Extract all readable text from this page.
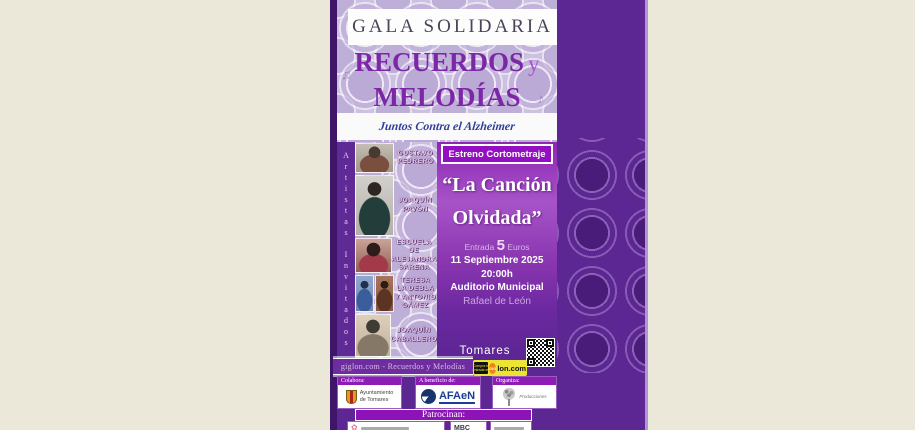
♫
♪
GALA SOLIDARIA
RECUERDOS y
MELODÍAS
Juntos Contra el Alzheimer
Artistas Invitados	GUSTAVO
PEDRERO
JOAQUÍN
PAVÓN
ESCUELA DE
ALEJANDRA
SARENA
TERESA
LA DEBLA
Y ANTONIO
GÁMEZ
JOAQUÍN
CABALLERO
Estreno Cortometraje
“La Canción
Olvidada”
Entrada 5 Euros
11 Septiembre 2025
20:00h
Auditorio Municipal
Rafael de León
Tomares
giglon.com - Recuerdos y Melodías Compra tu
entrada en GIG lon.com
Colabora:
Ayuntamiento
de Tomares
A beneficio de:
AFAeN
Organiza:
Producciones
Patrocinan:
✿	MBC
